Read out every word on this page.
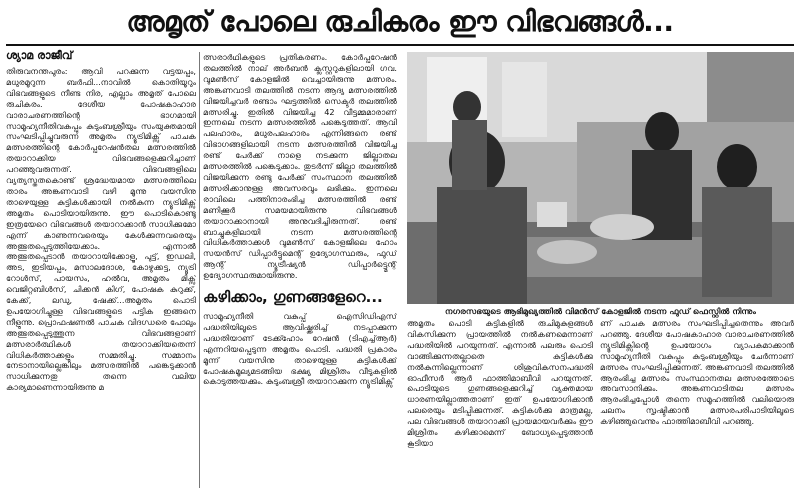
അമൃത് പോലെ രുചികരം ഈ വിഭവങ്ങൾ...
ശ്യാമ രാജീവ്

തിരുവനന്തപുരം: ആവി പറക്കുന്ന വട്ടയപ്പം, മധുരമൂറുന്ന ബർഫി...നാവിൽ കൊതിയൂറും വിഭവങ്ങളുടെ നീണ്ട നിര, എല്ലാം അമൃത് പോലെ രുചികരം. ദേശീയ പോഷകാഹാര വാരാചരണത്തിന്റെ ഭാഗമായി സാമൂഹ്യനീതിവകുപ്പും കുടുംബശ്രീയും സംയുക്തമായി സംഘടിപ്പിച്ചുവരുന്ന അമൃതം ന്യൂട്രിമിക്സ് പാചക മത്സരത്തിന്റെ കോർപ്പറേഷൻതല മത്സരത്തിൽ തയാറാക്കിയ വിഭവങ്ങളെക്കുറിച്ചാണ് പറഞ്ഞുവരുന്നത്. വിഭവങ്ങളിലെ വ്യത്യസ്തതകൊണ്ട് ശ്രദ്ധേയമായ മത്സരത്തിലെ താരം അങ്കണവാടി വഴി മൂന്നു വയസിനു താഴെയുള്ള കുട്ടികൾക്കായി നൽകുന്ന ന്യൂട്രിമിക്സ് അമൃതം പൊടിയായിരുന്നു. ഈ പൊടികൊണ്ടു ഇത്രയേറെ വിഭവങ്ങൾ തയാറാക്കാൻ സാധിക്കുമോ എന്ന് കാണുന്നവരെയും കേൾക്കുന്നവരെയും അത്ഭുതപ്പെടുത്തിയേക്കാം. എന്നാൽ അത്ഭുതപ്പെടാൻ തയാറായിക്കോളൂ, പുട്ട്, ഇഡലി, അട, ഇടിയപ്പം, മസാലദോശ, കോഴുക്കട്ട, ന്യൂട്രി റോൾസ്, പായസം, ഹൽവ, അമൃതം മിക്സ് വെജിറ്റബിൾസ്, ചിക്കൻ കിഗ്, പോഷക കുറുക്ക്, കേക്ക്, ലഡു, ഷേക്ക്...അമൃതം പൊടി ഉപയോഗിച്ചുള്ള വിഭവങ്ങളുടെ പട്ടിക ഇങ്ങനെ നീളുന്നു. പ്രൊഫഷണൽ പാചക വിദഗ്ധരെ പോലും അത്ഭുതപ്പെടുത്തുന്ന വിഭവങ്ങളാണ് മത്സരാർത്ഥികൾ തയാറാക്കിയതെന്ന് വിധികർത്താക്കളും സമ്മതിച്ചു. സമ്മാനം നേടാനായില്ലെങ്കിലും മത്സരത്തിൽ പങ്കെടുക്കാൻ സാധിക്കുന്നതു തന്നെ വലിയ കാര്യമാണെന്നായിരുന്നു മ

ത്സരാർഥികളുടെ പ്രതികരണം. കോർപ്പറേഷൻ തലത്തിൽ നാല് അർബൻ ക്ലസ്റ്ററുകളിലായി ഗവ. വുമൺസ് കോളജിൽ വെച്ചായിരുന്നു മത്സരം. അങ്കണവാടി തലത്തിൽ നടന്ന ആദ്യ മത്സരത്തിൽ വിജയിച്ചവർ രണ്ടാം ഘട്ടത്തിൽ സെക്ടർ തലത്തിൽ മത്സരിച്ചു. ഇതിൽ വിജയിച്ച 42 വീട്ടമ്മമാരാണ് ഇന്നലെ നടന്ന മത്സരത്തിൽ പങ്കെടുത്തത്. ആവി പലഹാരം, മധുരപലഹാരം എന്നിങ്ങനെ രണ്ട് വിഭാഗങ്ങളിലായി നടന്ന മത്സരത്തിൽ വിജയിച്ച രണ്ട് പേർക്ക് നാളെ നടക്കുന്ന ജില്ലാതല മത്സരത്തിൽ പങ്കെടുക്കാം. തുടർന്ന് ജില്ലാ തലത്തിൽ വിജയിക്കുന്ന രണ്ടു പേർക്ക് സംസ്ഥാന തലത്തിൽ മത്സരിക്കാനുള്ള അവസരവും ലഭിക്കും. ഇന്നലെ രാവിലെ പത്തിനാരംഭിച്ച മത്സരത്തിൽ രണ്ട് മണിക്കൂർ സമയമായിരുന്നു വിഭവങ്ങൾ തയാറാക്കാനായി അനുവദിച്ചിരുന്നത്. രണ്ട് ബാച്ചുകളിലായി നടന്ന മത്സരത്തിന്റെ വിധികർത്താക്കൾ വുമൺസ് കോളജിലെ ഹോം സയൻസ് ഡിപ്പാർട്ടുമെന്റ് ഉദ്യോഗസ്ഥരും, ഫുഡ് ആന്റ് ന്യൂട്രീഷ്യൻ ഡിപ്പാർട്ട്മെന്റ് ഉദ്യോഗസ്ഥരുമായിരുന്നു.

കഴിക്കാം, ഗുണങ്ങളേറെ...

സാമൂഹ്യനീതി വകുപ്പ് ഐസിഡിഎസ് പദ്ധതിയിലൂടെ ആവിഷ്ക്കരിച്ച് നടപ്പാക്കുന്ന പദ്ധതിയാണ് ടേക്ക്ഹോം റേഷൻ (ടിഎച്ച്ആർ) എന്നറിയപ്പെടുന്ന അമൃതം പൊടി. പദ്ധതി പ്രകാരം മൂന്ന് വയസിനു താഴെയുള്ള കുട്ടികൾക്ക് പോഷകമൂല്യമടങ്ങിയ ഭക്ഷ്യ മിശ്രിതം വീടുകളിൽ കൊടുത്തയക്കും. കുടുംബശ്രീ തയാറാക്കുന്ന ന്യൂട്രിമിക്സ്

നഗരസഭയുടെ ആഭിമുഖ്യത്തിൽ വിമൻസ് കോളജിൽ നടന്ന ഫുഡ് ഫെസ്റ്റിൽ നിന്നും

അമൃതം പൊടി കുട്ടികളിൽ രുചിമുകുളങ്ങൾ വികസിക്കുന്ന പ്രായത്തിൽ നൽകണമെന്നാണ് പദ്ധതിയിൽ പറയുന്നത്. എന്നാൽ പലരും പൊടി വാങ്ങിക്കുന്നതല്ലാതെ കുട്ടികൾക്കു നൽകുന്നില്ലെന്നാണ് ശിശുവികസനപദ്ധതി ഓഫീസർ ആർ ഫാത്തിമാബീവി പറയുന്നത്. പൊടിയുടെ ഗുണങ്ങളെക്കുറിച്ച് വ്യക്തമായ ധാരണയില്ലാത്തതാണ് ഇത് ഉപയോഗിക്കാൻ പലരെയും മടിപ്പിക്കുന്നത്. കുട്ടികൾക്കു മാത്രമല്ല, പല വിഭവങ്ങൾ തയാറാക്കി പ്രായമായവർക്കും ഈ മിശ്രിതം കഴിക്കാമെന്ന് ബോധ്യപ്പെടുത്താൻ കൂടിയാ

ണ് പാചക മത്സരം സംഘടിപ്പിച്ചതെന്നും അവർ പറഞ്ഞു. ദേശീയ പോഷകാഹാര വാരാചരണത്തിൽ ന്യൂട്രിമിക്സിന്റെ ഉപയോഗം വ്യാപകമാക്കാൻ സാമൂഹ്യനീതി വകുപ്പും കുടുംബശ്രീയും ചേർന്നാണ് മത്സരം സംഘടിപ്പിക്കുന്നത്. അങ്കണവാടി തലത്തിൽ ആരംഭിച്ച മത്സരം സംസ്ഥാനതല മത്സരത്തോടെ അവസാനിക്കും. അങ്കണവാടിതല മത്സരം ആരംഭിച്ചപ്പോൾ തന്നെ സമൂഹത്തിൽ വലിയൊരു ചലനം സൃഷ്ടിക്കാൻ മത്സരപരിപാടിയിലൂടെ കഴിഞ്ഞുവെന്നും ഫാത്തിമാബീവി പറഞ്ഞു.
